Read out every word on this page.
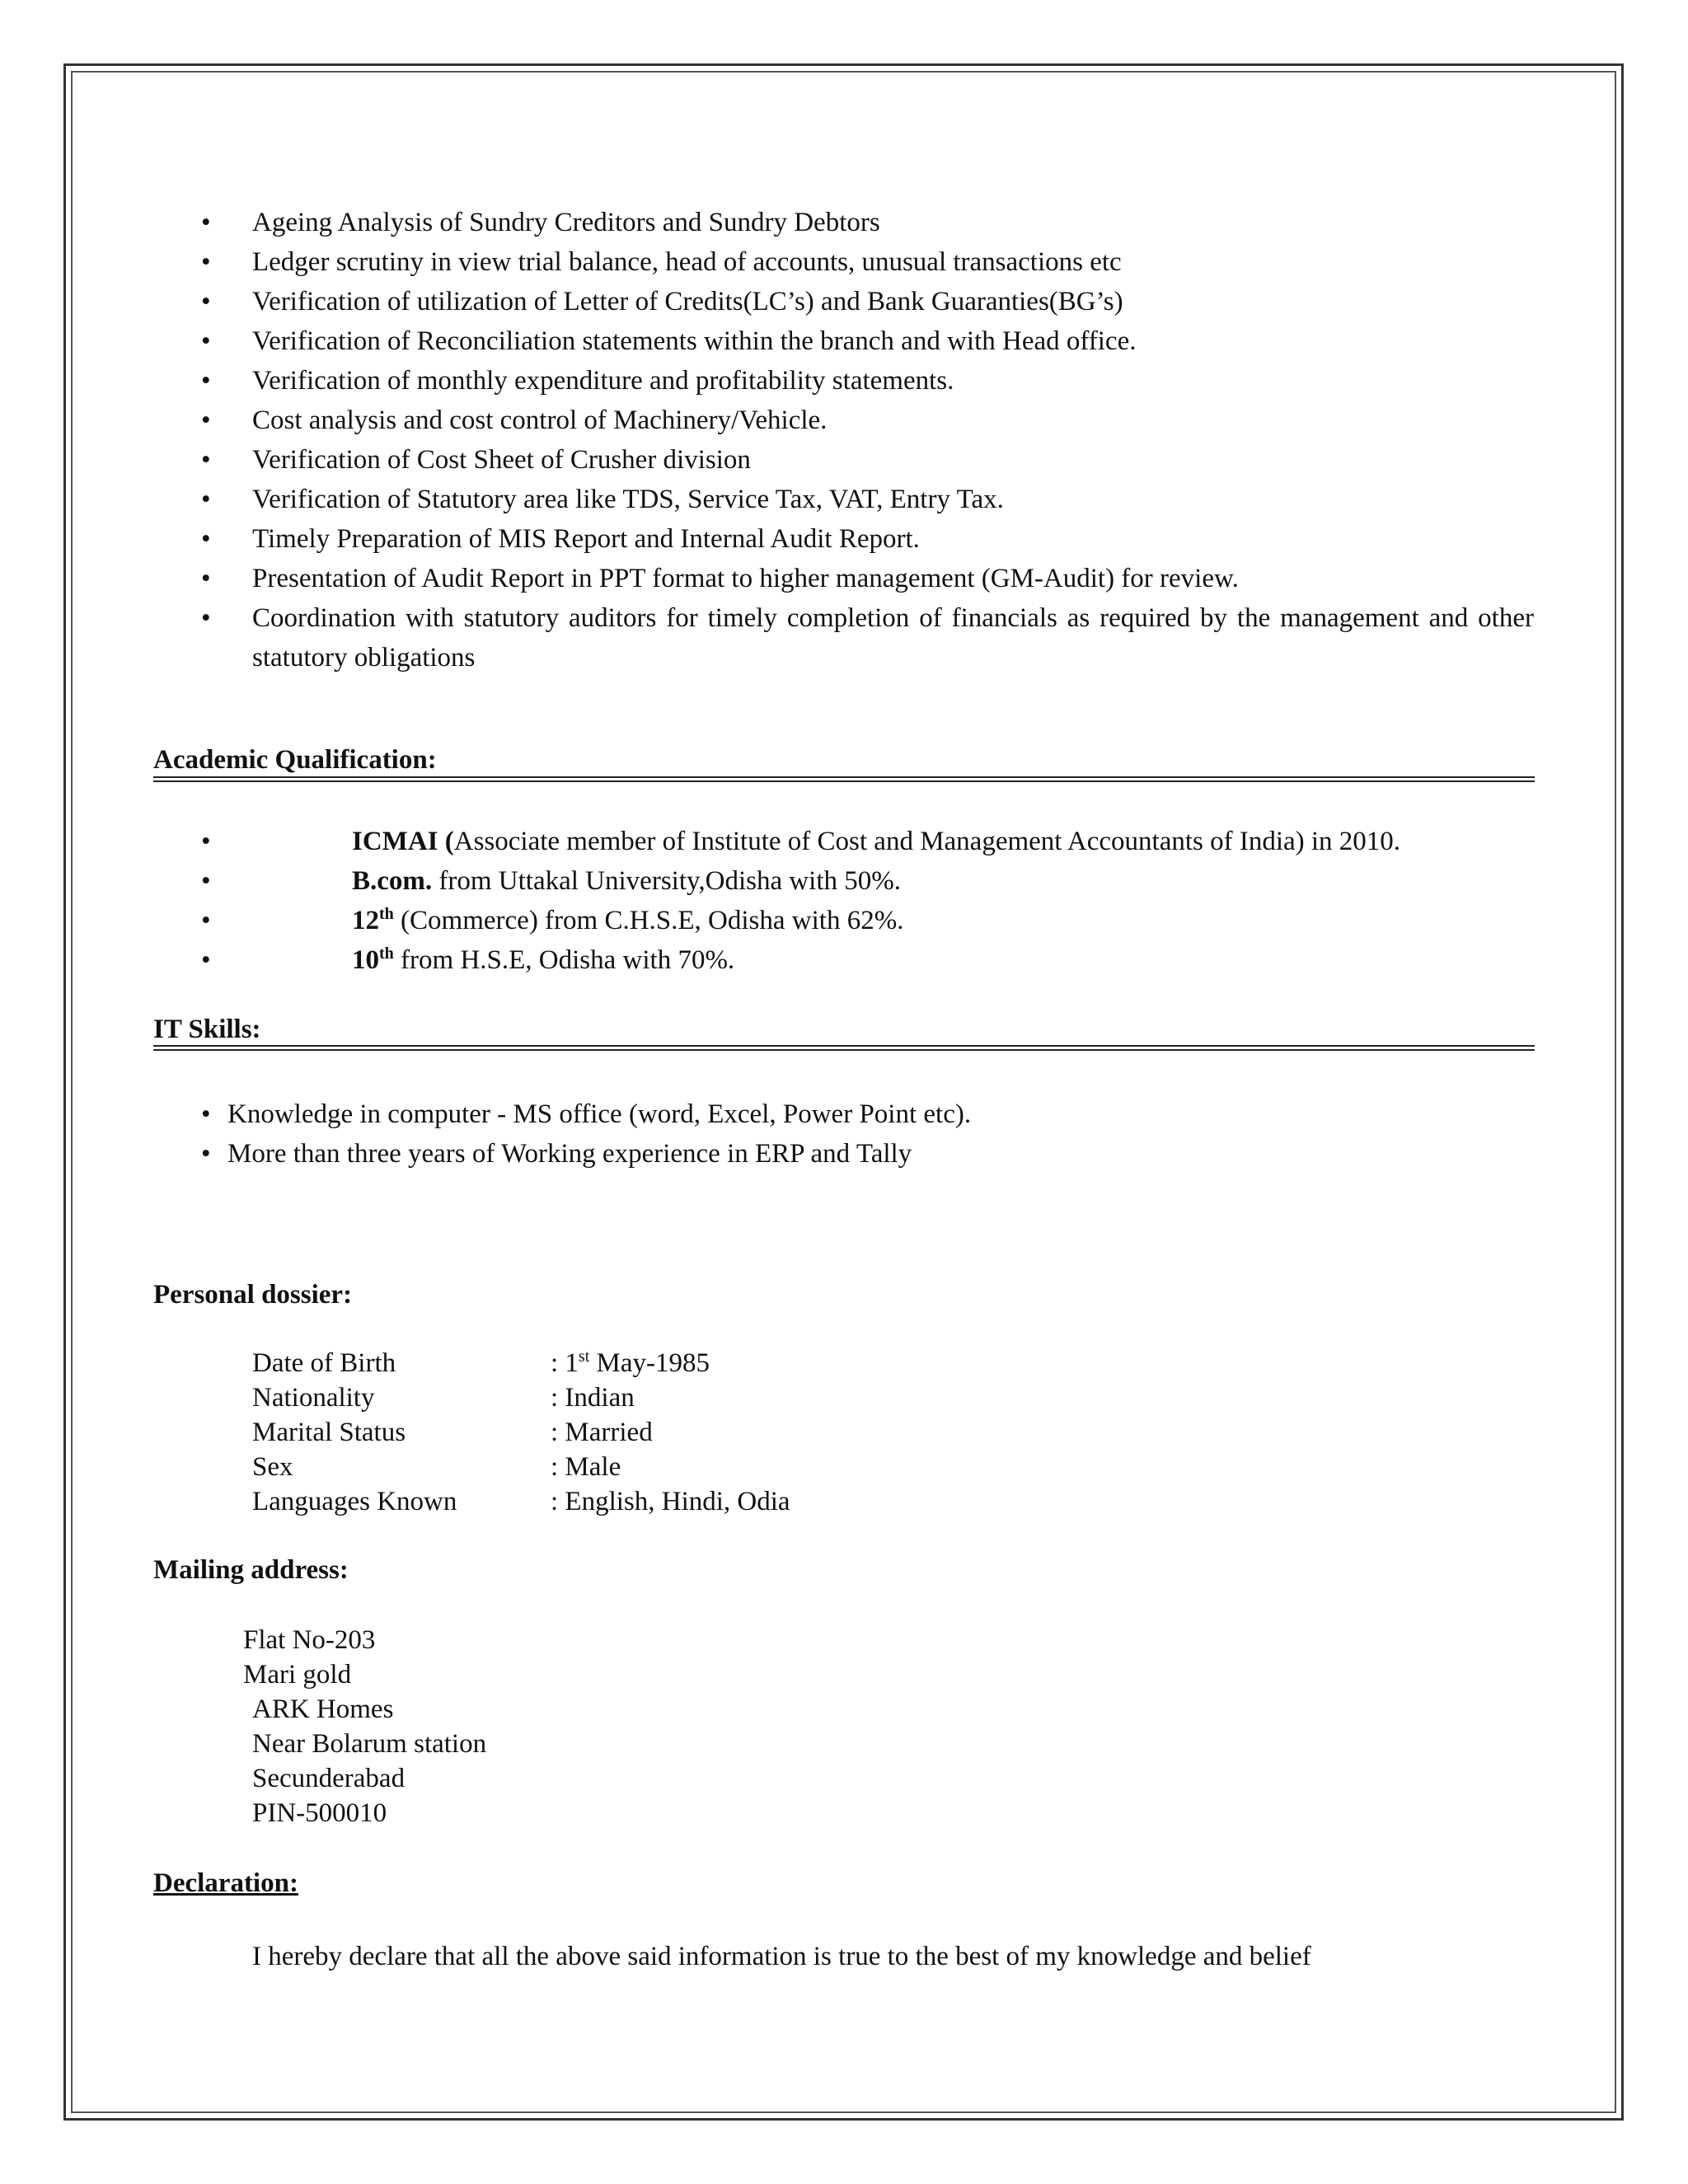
• Ageing Analysis of Sundry Creditors and Sundry Debtors
• Ledger scrutiny in view trial balance, head of accounts, unusual transactions etc
• Verification of utilization of Letter of Credits(LC’s) and Bank Guaranties(BG’s)
• Verification of Reconciliation statements within the branch and with Head office.
• Verification of monthly expenditure and profitability statements.
• Cost analysis and cost control of Machinery/Vehicle.
• Verification of Cost Sheet of Crusher division
• Verification of Statutory area like TDS, Service Tax, VAT, Entry Tax.
• Timely Preparation of MIS Report and Internal Audit Report.
• Presentation of Audit Report in PPT format to higher management (GM-Audit) for review.
• Coordination with statutory auditors for timely completion of financials as required by the management and other statutory obligations
Academic Qualification:
•	ICMAI (Associate member of Institute of Cost and Management Accountants of India) in 2010.
•	B.com. from Uttakal University,Odisha with 50%.
•	12th (Commerce) from C.H.S.E, Odisha with 62%.
•	10th from H.S.E, Odisha with 70%.
IT Skills:
• Knowledge in computer - MS office (word, Excel, Power Point etc).
• More than three years of Working experience in ERP and Tally
Personal dossier:
Date of Birth	: 1st May-1985
Nationality	: Indian
Marital Status	: Married
Sex	: Male
Languages Known	: English, Hindi, Odia
Mailing address:
Flat No-203
Mari gold
ARK Homes
Near Bolarum station
Secunderabad
PIN-500010
Declaration:
I hereby declare that all the above said information is true to the best of my knowledge and belief
